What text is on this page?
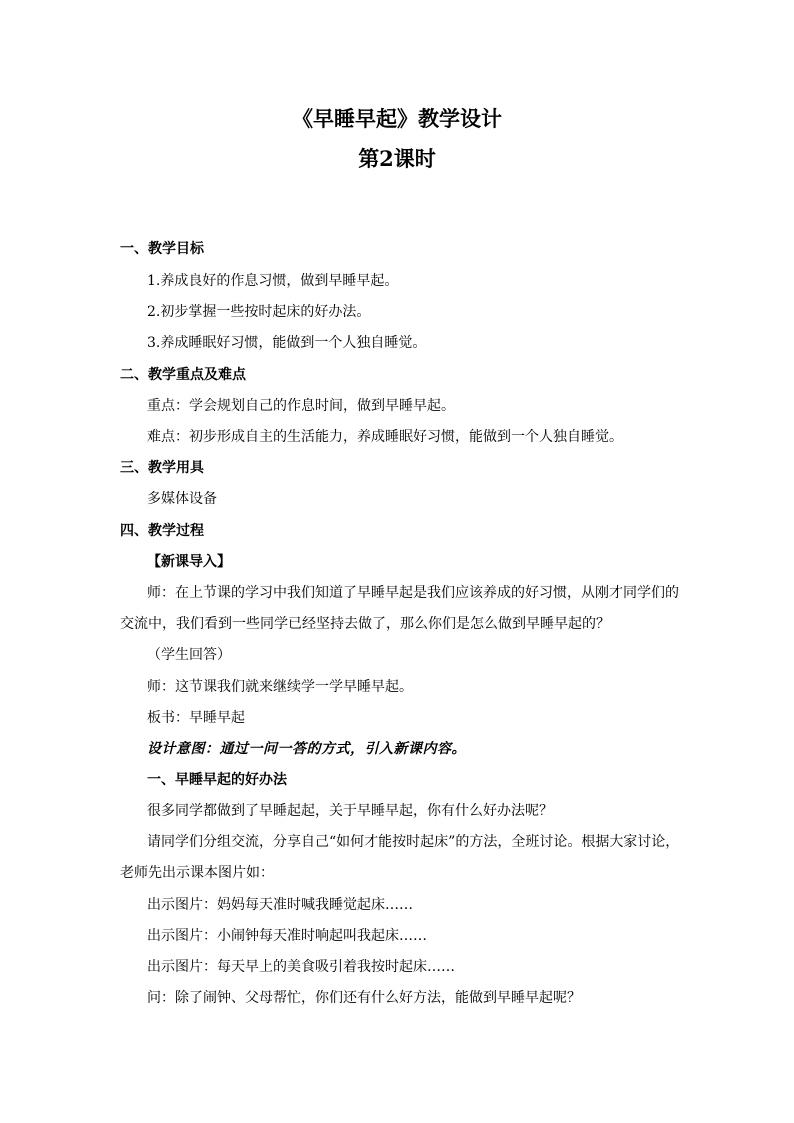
《早睡早起》教学设计
第2课时
一、教学目标
1.养成良好的作息习惯，做到早睡早起。
2.初步掌握一些按时起床的好办法。
3.养成睡眠好习惯，能做到一个人独自睡觉。
二、教学重点及难点
重点：学会规划自己的作息时间，做到早睡早起。
难点：初步形成自主的生活能力，养成睡眠好习惯，能做到一个人独自睡觉。
三、教学用具
多媒体设备
四、教学过程
【新课导入】
师：在上节课的学习中我们知道了早睡早起是我们应该养成的好习惯，从刚才同学们的
交流中，我们看到一些同学已经坚持去做了，那么你们是怎么做到早睡早起的？
（学生回答）
师：这节课我们就来继续学一学早睡早起。
板书：早睡早起
设计意图：通过一问一答的方式，引入新课内容。
一、早睡早起的好办法
很多同学都做到了早睡起起，关于早睡早起，你有什么好办法呢？
请同学们分组交流，分享自己“如何才能按时起床”的方法，全班讨论。根据大家讨论，
老师先出示课本图片如：
出示图片：妈妈每天准时喊我睡觉起床……
出示图片：小闹钟每天准时响起叫我起床……
出示图片：每天早上的美食吸引着我按时起床……
问：除了闹钟、父母帮忙，你们还有什么好方法，能做到早睡早起呢？
